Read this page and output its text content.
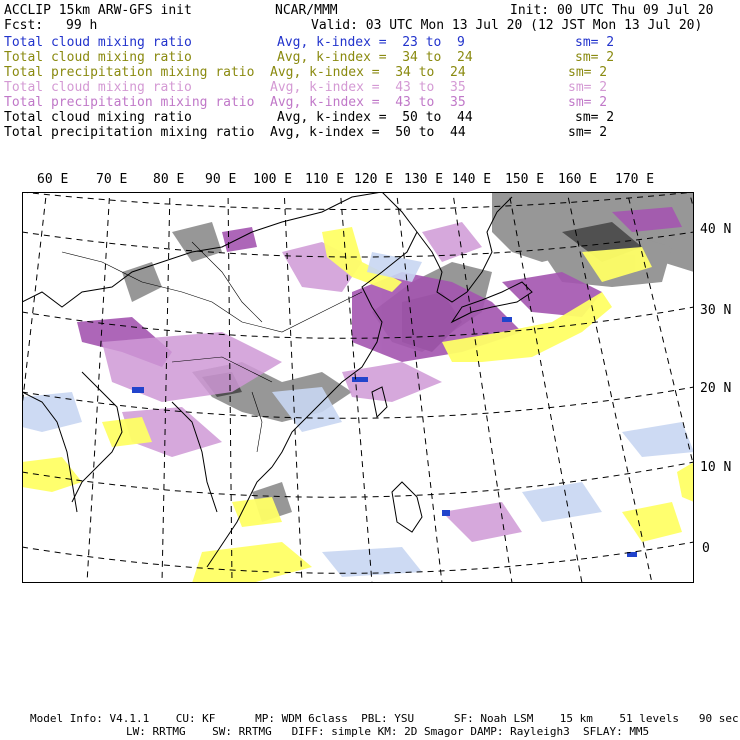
ACCLIP 15km ARW-GFS init	NCAR/MMM	Init: 00 UTC Thu 09 Jul 20
Fcst: 99 h	Valid: 03 UTC Mon 13 Jul 20 (12 JST Mon 13 Jul 20)
Total cloud mixing ratio	Avg, k-index =  23 to  9	sm= 2
Total cloud mixing ratio	Avg, k-index =  34 to  24	sm= 2
Total precipitation mixing ratio Avg, k-index =  34 to  24	sm= 2
Total cloud mixing ratio	Avg, k-index =  43 to  35	sm= 2
Total precipitation mixing ratio Avg, k-index =  43 to  35	sm= 2
Total cloud mixing ratio	Avg, k-index =  50 to  44	sm= 2
Total precipitation mixing ratio Avg, k-index =  50 to  44	sm= 2
60 E 70 E 80 E 90 E 100 E 110 E 120 E 130 E 140 E 150 E 160 E 170 E
40 N
30 N
20 N
10 N
0
Model Info: V4.1.1    CU: KF      MP: WDM 6class  PBL: YSU      SF: Noah LSM    15 km    51 levels   90 sec
LW: RRTMG    SW: RRTMG   DIFF: simple KM: 2D Smagor DAMP: Rayleigh3  SFLAY: MM5
